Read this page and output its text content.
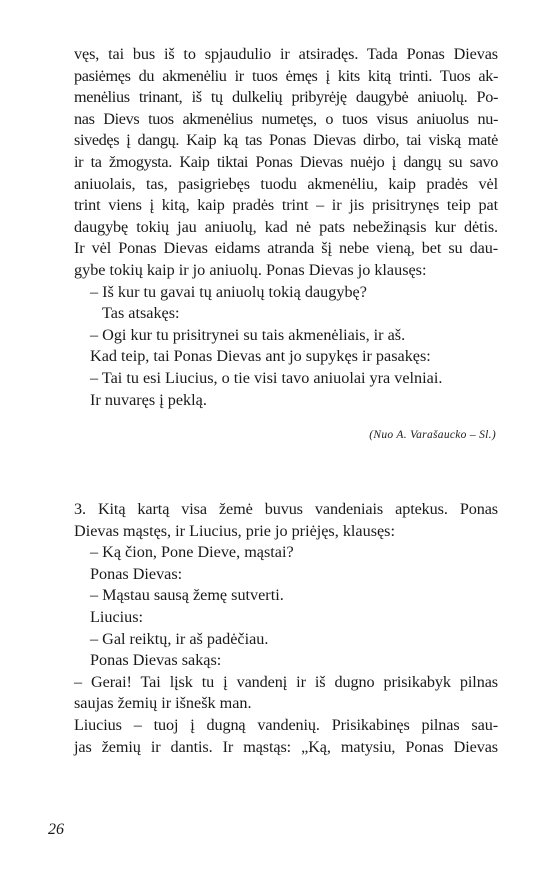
vęs, tai bus iš to spjaudulio ir atsiradęs. Tada Ponas Dievas
pasiėmęs du akmenėliu ir tuos ėmęs į kits kitą trinti. Tuos ak-
menėlius trinant, iš tų dulkelių pribyrėję daugybė aniuolų. Po-
nas Dievs tuos akmenėlius numetęs, o tuos visus aniuolus nu-
sivedęs į dangų. Kaip ką tas Ponas Dievas dirbo, tai viską matė
ir ta žmogysta. Kaip tiktai Ponas Dievas nuėjo į dangų su savo
aniuolais, tas, pasigriebęs tuodu akmenėliu, kaip pradės vėl
trint viens į kitą, kaip pradės trint – ir jis prisitrynęs teip pat
daugybę tokių jau aniuolų, kad nė pats nebežinąsis kur dėtis.
Ir vėl Ponas Dievas eidams atranda šį nebe vieną, bet su dau-
gybe tokių kaip ir jo aniuolų. Ponas Dievas jo klausęs:
– Iš kur tu gavai tų aniuolų tokią daugybę?
Tas atsakęs:
– Ogi kur tu prisitrynei su tais akmenėliais, ir aš.
Kad teip, tai Ponas Dievas ant jo supykęs ir pasakęs:
– Tai tu esi Liucius, o tie visi tavo aniuolai yra velniai.
Ir nuvaręs į peklą.
(Nuo A. Varašaucko – Sl.)
3. Kitą kartą visa žemė buvus vandeniais aptekus. Ponas
Dievas mąstęs, ir Liucius, prie jo priėjęs, klausęs:
– Ką čion, Pone Dieve, mąstai?
Ponas Dievas:
– Mąstau sausą žemę sutverti.
Liucius:
– Gal reiktų, ir aš padėčiau.
Ponas Dievas sakąs:
– Gerai! Tai lįsk tu į vandenį ir iš dugno prisikabyk pilnas
saujas žemių ir išnešk man.
Liucius – tuoj į dugną vandenių. Prisikabinęs pilnas sau-
jas žemių ir dantis. Ir mąstąs: „Ką, matysiu, Ponas Dievas
26
